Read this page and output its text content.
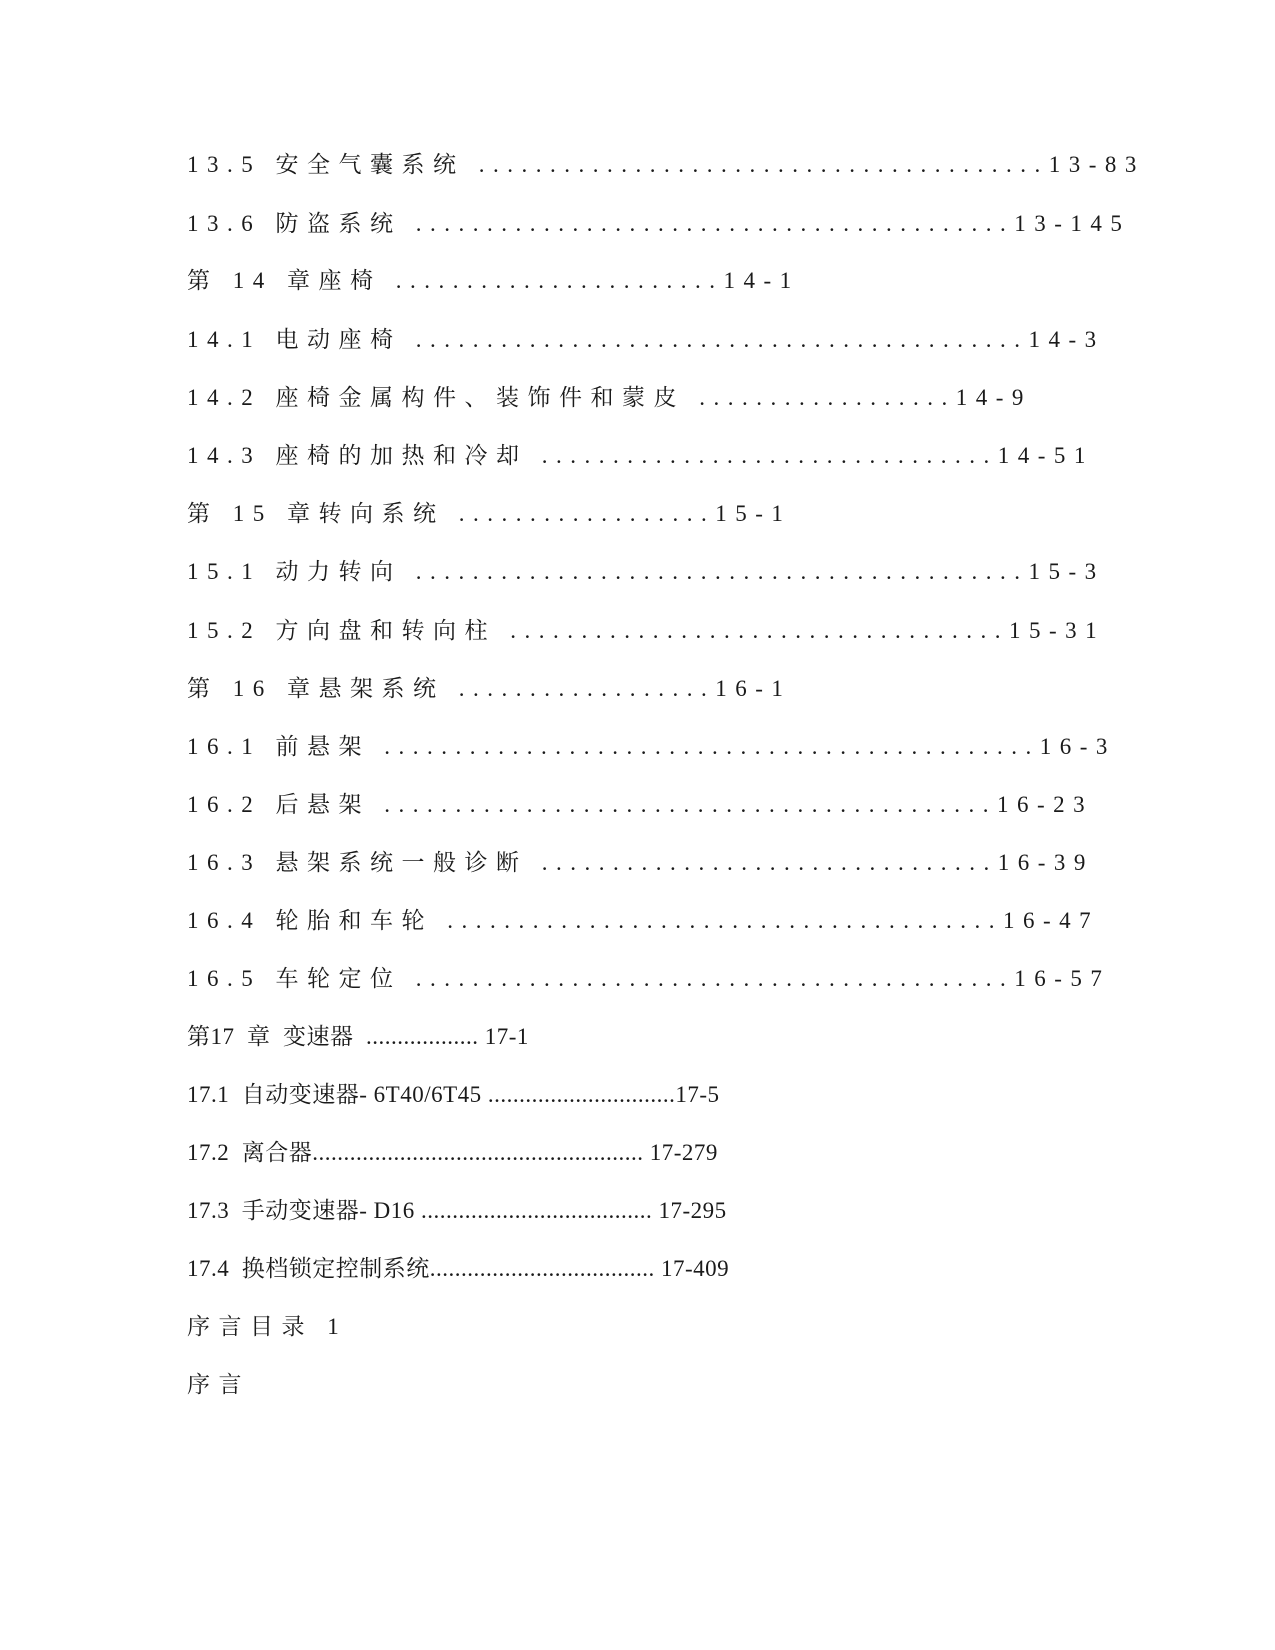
13.5 安全气囊系统 ........................................13-83
13.6 防盗系统 ..........................................13-145
第 14 章座椅 .......................14-1
14.1 电动座椅 ...........................................14-3
14.2 座椅金属构件、装饰件和蒙皮 ..................14-9
14.3 座椅的加热和冷却 ................................14-51
第 15 章转向系统 ..................15-1
15.1 动力转向 ...........................................15-3
15.2 方向盘和转向柱 ...................................15-31
第 16 章悬架系统 ..................16-1
16.1 前悬架 ..............................................16-3
16.2 后悬架 ...........................................16-23
16.3 悬架系统一般诊断 ................................16-39
16.4 轮胎和车轮 .......................................16-47
16.5 车轮定位 ..........................................16-57
第17  章  变速器  .................. 17-1
17.1  自动变速器- 6T40/6T45 ..............................17-5
17.2  离合器..................................................... 17-279
17.3  手动变速器- D16 ..................................... 17-295
17.4  换档锁定控制系统.................................... 17-409
序言目录 1
序言
